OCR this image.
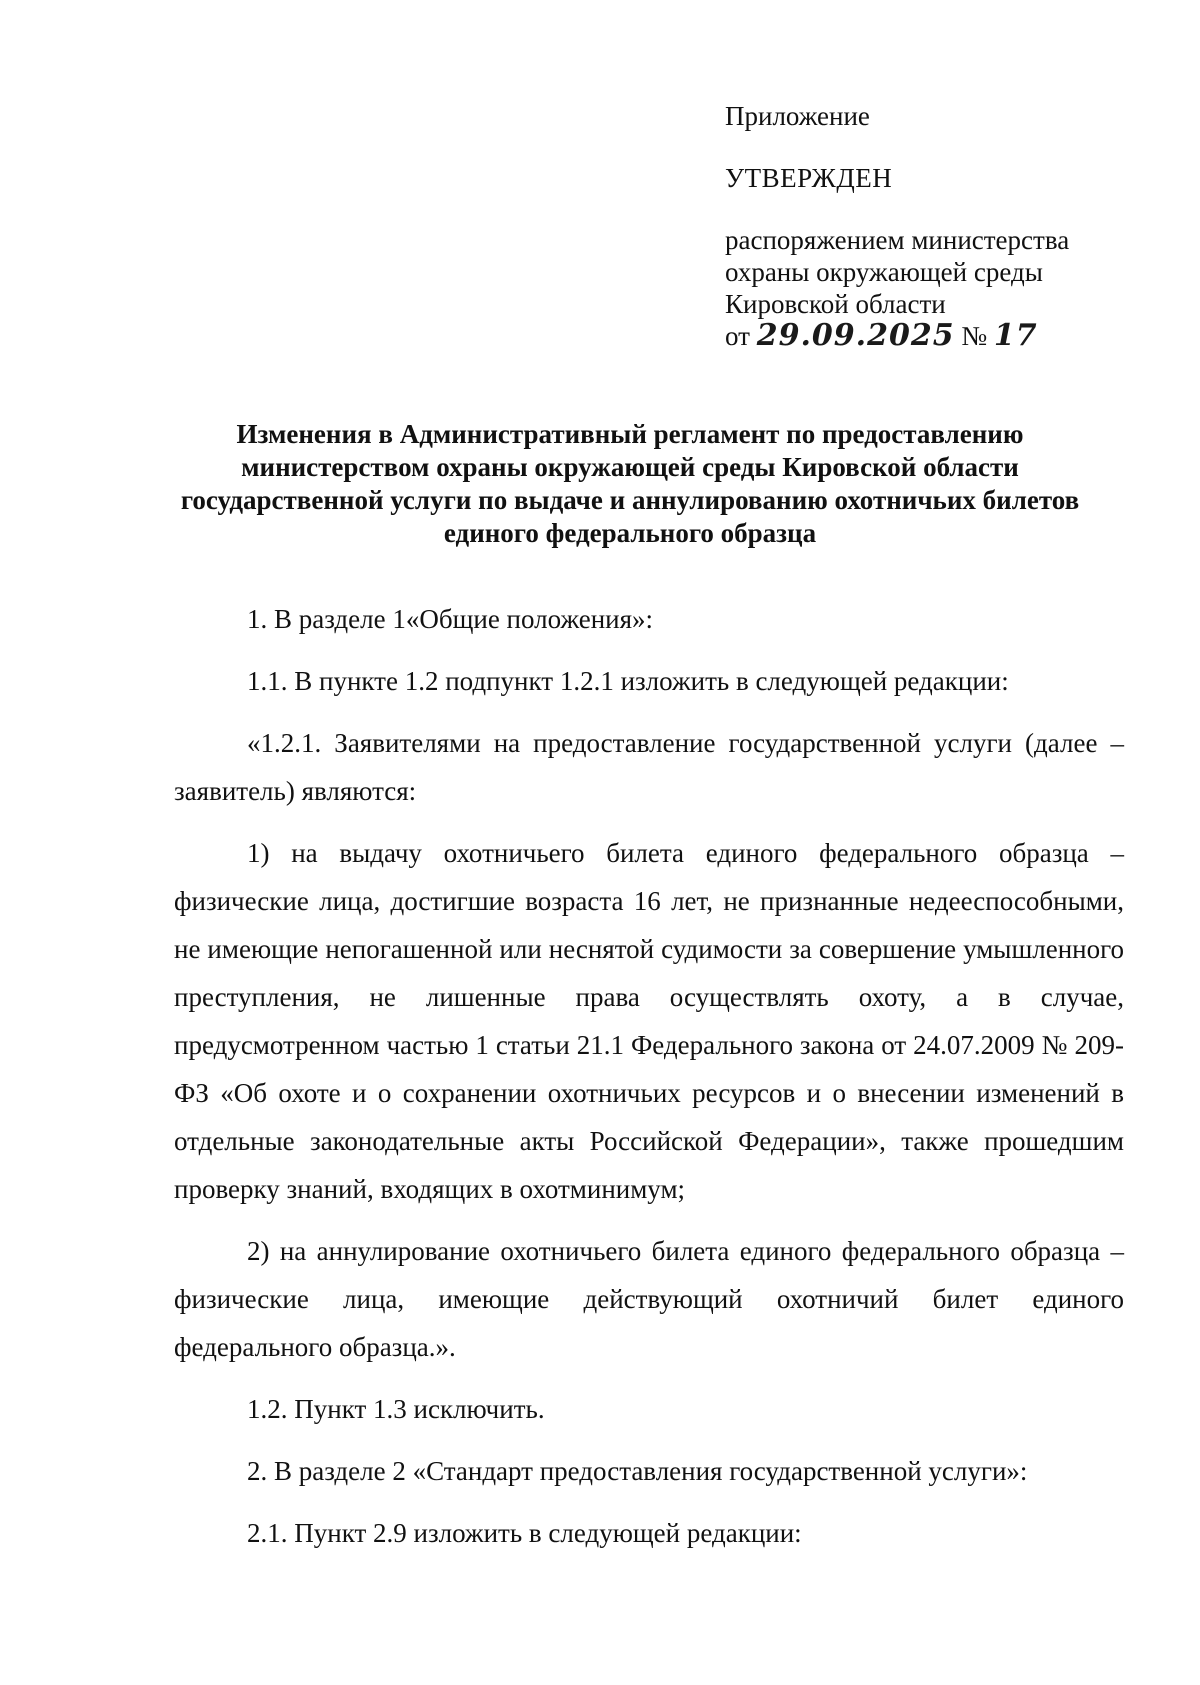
Приложение

УТВЕРЖДЕН

распоряжением министерства

охраны окружающей среды

Кировской области

от 29.09.2025 № 17

Изменения в Административный регламент по предоставлению министерством охраны окружающей среды Кировской области государственной услуги по выдаче и аннулированию охотничьих билетов единого федерального образца

1. В разделе 1«Общие положения»:

1.1. В пункте 1.2 подпункт 1.2.1 изложить в следующей редакции:

«1.2.1. Заявителями на предоставление государственной услуги (далее – заявитель) являются:

1) на выдачу охотничьего билета единого федерального образца – физические лица, достигшие возраста 16 лет, не признанные недееспособными, не имеющие непогашенной или неснятой судимости за совершение умышленного преступления, не лишенные права осуществлять охоту, а в случае, предусмотренном частью 1 статьи 21.1 Федерального закона от 24.07.2009 № 209-ФЗ «Об охоте и о сохранении охотничьих ресурсов и о внесении изменений в отдельные законодательные акты Российской Федерации», также прошедшим проверку знаний, входящих в охотминимум;

2) на аннулирование охотничьего билета единого федерального образца – физические лица, имеющие действующий охотничий билет единого федерального образца.».

1.2. Пункт 1.3 исключить.

2. В разделе 2 «Стандарт предоставления государственной услуги»:

2.1. Пункт 2.9 изложить в следующей редакции:
